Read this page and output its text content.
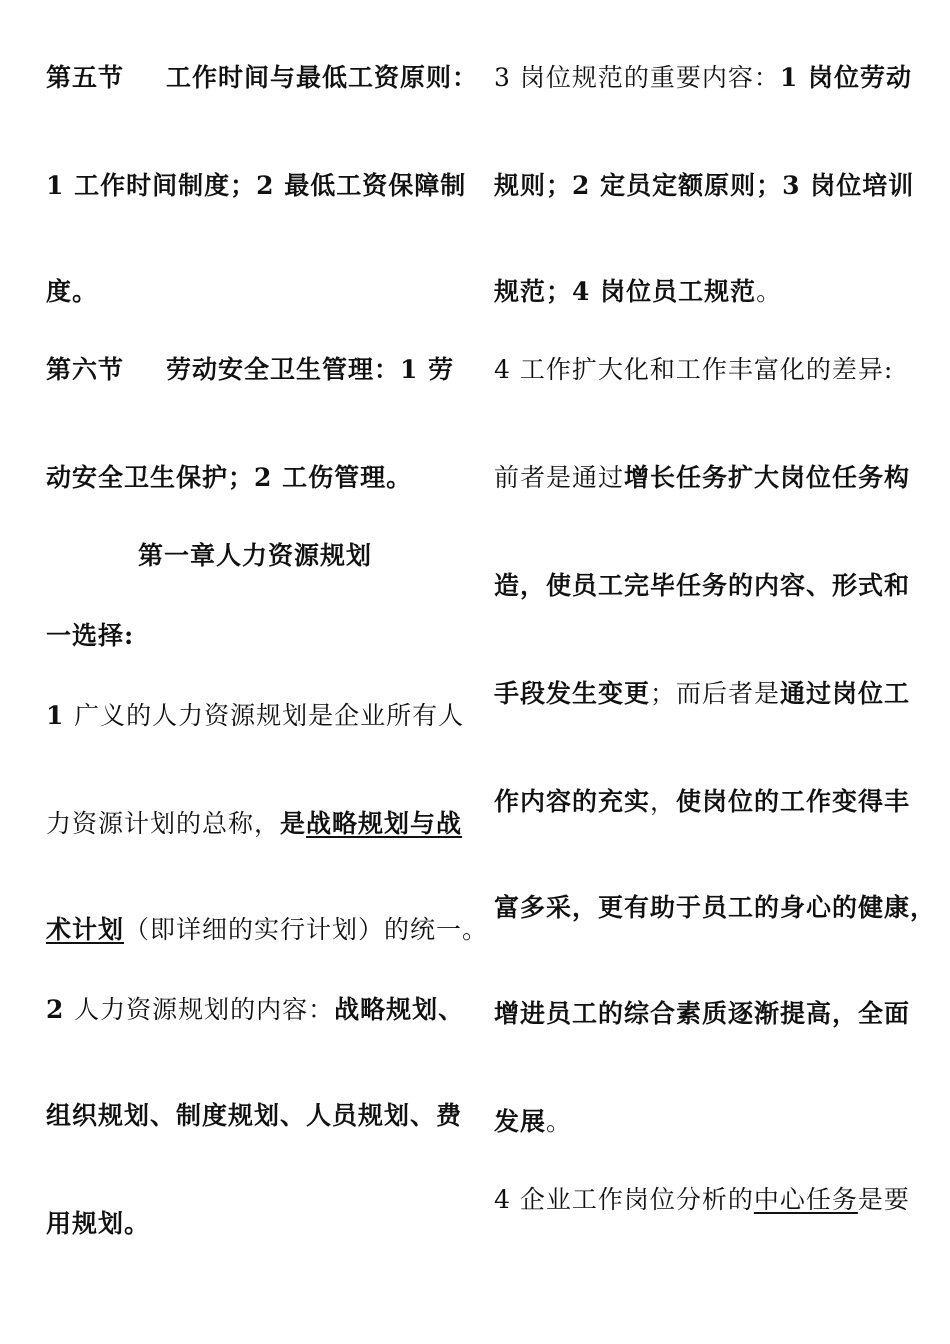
第五节 工作时间与最低工资原则：
1 工作时间制度；2 最低工资保障制
度。
第六节 劳动安全卫生管理：1 劳
动安全卫生保护；2 工伤管理。
第一章人力资源规划
一选择:
1 广义的人力资源规划是企业所有人
力资源计划的总称，是战略规划与战
术计划（即详细的实行计划）的统一。
2 人力资源规划的内容：战略规划、
组织规划、制度规划、人员规划、费
用规划。
3 岗位规范的重要内容：1 岗位劳动
规则；2 定员定额原则；3 岗位培训
规范；4 岗位员工规范。
4 工作扩大化和工作丰富化的差异:
前者是通过增长任务扩大岗位任务构
造，使员工完毕任务的内容、形式和
手段发生变更；而后者是通过岗位工
作内容的充实，使岗位的工作变得丰
富多采，更有助于员工的身心的健康，
增进员工的综合素质逐渐提高，全面
发展。
4 企业工作岗位分析的中心任务是要
